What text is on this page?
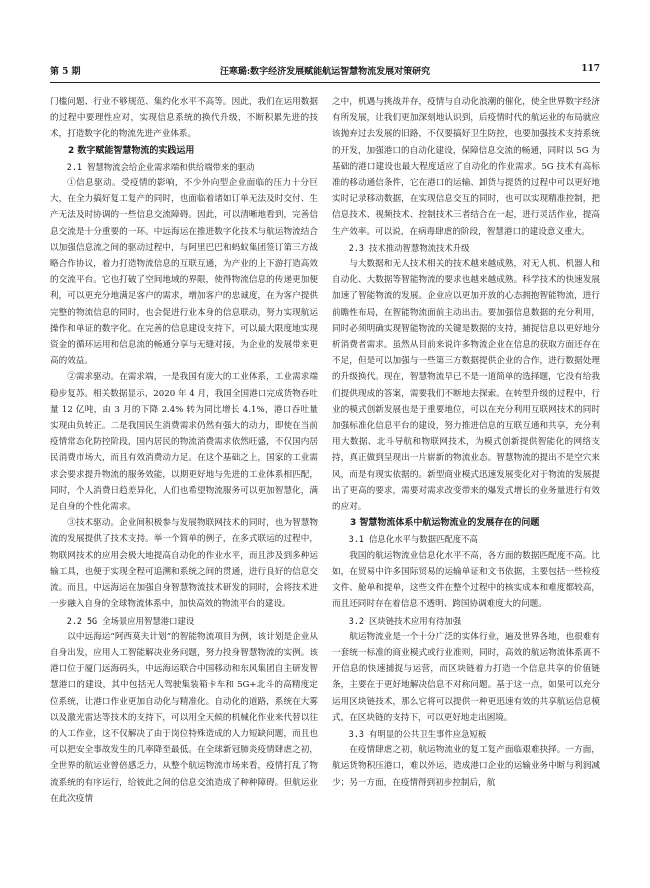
第 5 期	汪寒璐:数字经济发展赋能航运智慧物流发展对策研究	117

门槛问题、行业不够规范、集约化水平不高等。因此，我们在运用数据的过程中要理性应对，实现信息系统的换代升级，不断积累先进的技术，打造数字化的物流先进产业体系。

2 数字赋能智慧物流的实践运用

2.1 智慧物流会给企业需求端和供给端带来的驱动

①信息驱动。受疫情的影响，不少外向型企业面临的压力十分巨大，在全力搞好复工复产的同时，也面临着诸如订单无法及时交付、生产无法及时协调的一些信息交流障碍。因此，可以清晰地看到，完善信息交流是十分重要的一环。中远海运在推进数字化技术与航运物流结合以加强信息流之间的驱动过程中，与阿里巴巴和蚂蚁集团签订第三方战略合作协议，着力打造物流信息的互联互通，为产业的上下游打造高效的交流平台。它也打破了空间地域的界限，使得物流信息的传递更加便利，可以更充分地满足客户的需求，增加客户的忠诚度，在为客户提供完整的物流信息的同时，也会促进行业本身的信息联动，努力实现航运操作和单证的数字化。在完善的信息建设支持下，可以最大限度地实现资金的循环运用和信息流的畅通分享与无缝对接，为企业的发展带来更高的效益。

②需求驱动。在需求端，一是我国有庞大的工业体系，工业需求端稳步复苏。相关数据显示，2020 年 4 月，我国全国港口完成货物吞吐量 12 亿吨，由 3 月的下降 2.4% 转为同比增长 4.1%，港口吞吐量实现由负转正。二是我国民生消费需求仍然有强大的动力，即使在当前疫情常态化防控阶段，国内居民的物流消费需求依然旺盛，不仅国内居民消费市场大，而且有效消费动力足。在这个基础之上，国家的工业需求会要求提升物流的服务效能，以期更好地与先进的工业体系相匹配，同时，个人消费日趋差异化，人们也希望物流服务可以更加智慧化，满足自身的个性化需求。

③技术驱动。企业间积极参与发展物联网技术的同时，也为智慧物流的发展提供了技术支持。举一个简单的例子，在多式联运的过程中，物联网技术的应用会极大地提高自动化的作业水平，而且涉及到多种运输工具，也便于实现全程可追溯和系统之间的贯通，进行良好的信息交流。而且，中远海运在加强自身智慧物流技术研发的同时，会将技术进一步融入自身的全球物流体系中，加快高效的物流平台的建设。

2.2 5G 全场景应用智慧港口建设

以中远海运“阿西莫夫计划”的智能物流项目为例，该计划是企业从自身出发，应用人工智能解决业务问题，努力投身智慧物流的实例。该港口位于厦门远海码头，中远海运联合中国移动和东风集团自主研发智慧港口的建设，其中包括无人驾驶集装箱卡车和 5G+北斗的高精度定位系统，让港口作业更加自动化与精准化。自动化的道路，系统在大雾以及激光雷达等技术的支持下，可以用全天候的机械化作业来代替以往的人工作业，这不仅解决了由于岗位特殊造成的人力短缺问题，而且也可以把安全事故发生的几率降至最低。在全球新冠肺炎疫情肆虐之初，全世界的航运业曾倍感乏力，从整个航运物流市场来看，疫情打乱了物流系统的有序运行，给彼此之间的信息交流造成了种种障碍。但航运业在此次疫情

之中，机遇与挑战并存，疫情与自动化浪潮的催化，使全世界数字经济有所发展，让我们更加深刻地认识到，后疫情时代的航运业的布局就应该抛弃过去发展的旧路，不仅要搞好卫生防控，也要加强技术支持系统的开发，加强港口的自动化建设，保障信息交流的畅通，同时以 5G 为基础的港口建设也最大程度适应了自动化的作业需求。5G 技术有高标准的移动通信条件，它在港口的运输、卸货与提货的过程中可以更好地实时记录移动数据，在实现信息交互的同时，也可以实现精准控制，把信息技术、视频技术、控制技术三者结合在一起，进行灵活作业，提高生产效率。可以说，在病毒肆虐的阶段，智慧港口的建设意义重大。

2.3 技术推动智慧物流技术升级

与大数据和无人技术相关的技术越来越成熟，对无人机、机器人和自动化、大数据等智能物流的要求也越来越成熟。科学技术的快速发展加速了智能物流的发展。企业应以更加开放的心态拥抱智能物流，进行前瞻性布局，在智能物流面前主动出击。要加强信息数据的充分利用，同时必须明确实现智能物流的关键是数据的支持，捕捉信息以更好地分析消费者需求。虽然从目前来说许多物流企业在信息的获取方面还存在不足，但是可以加强与一些第三方数据提供企业的合作，进行数据处理的升级换代。现在，智慧物流早已不是一道简单的选择题，它没有给我们提供现成的答案，需要我们不断地去探索。在转型升级的过程中，行业的模式创新发展也是于重要地位，可以在充分利用互联网技术的同时加强标准化信息平台的建设，努力推进信息的互联互通和共享，充分利用大数据、北斗导航和物联网技术，为模式创新提供智能化的网络支持，真正做到呈现出一片崭新的物流业态。智慧物流的提出不是空穴来风，而是有现实依据的。新型商业模式迅速发展变化对于物流的发展提出了更高的要求，需要对需求改变带来的爆发式增长的业务量进行有效的应对。

3 智慧物流体系中航运物流业的发展存在的问题

3.1 信息化水平与数据匹配度不高

我国的航运物流业信息化水平不高，各方面的数据匹配度不高。比如，在贸易中许多国际贸易的运输单证和文书依据，主要包括一些检疫文件、舱单和提单，这些文件在整个过程中的核实成本和难度都较高，而且还同时存在着信息不透明、跨国协调难度大的问题。

3.2 区块链技术应用有待加强

航运物流业是一个十分广泛的实体行业，遍及世界各地，也很难有一套统一标准的商业模式或行业准则，同时，高效的航运物流体系离不开信息的快速捕捉与运营，而区块链着力打造一个信息共享的价值链条，主要在于更好地解决信息不对称问题。基于这一点，如果可以充分运用区块链技术，那么它将可以提供一种更迅速有效的共享航运信息模式，在区块链的支持下，可以更好地走出困境。

3.3 有明显的公共卫生事件应急短板

在疫情肆虐之初，航运物流业的复工复产面临艰难抉择。一方面，航运货物积压港口，难以外运，造成港口企业的运输业务中断与利润减少；另一方面，在疫情得到初步控制后，航
